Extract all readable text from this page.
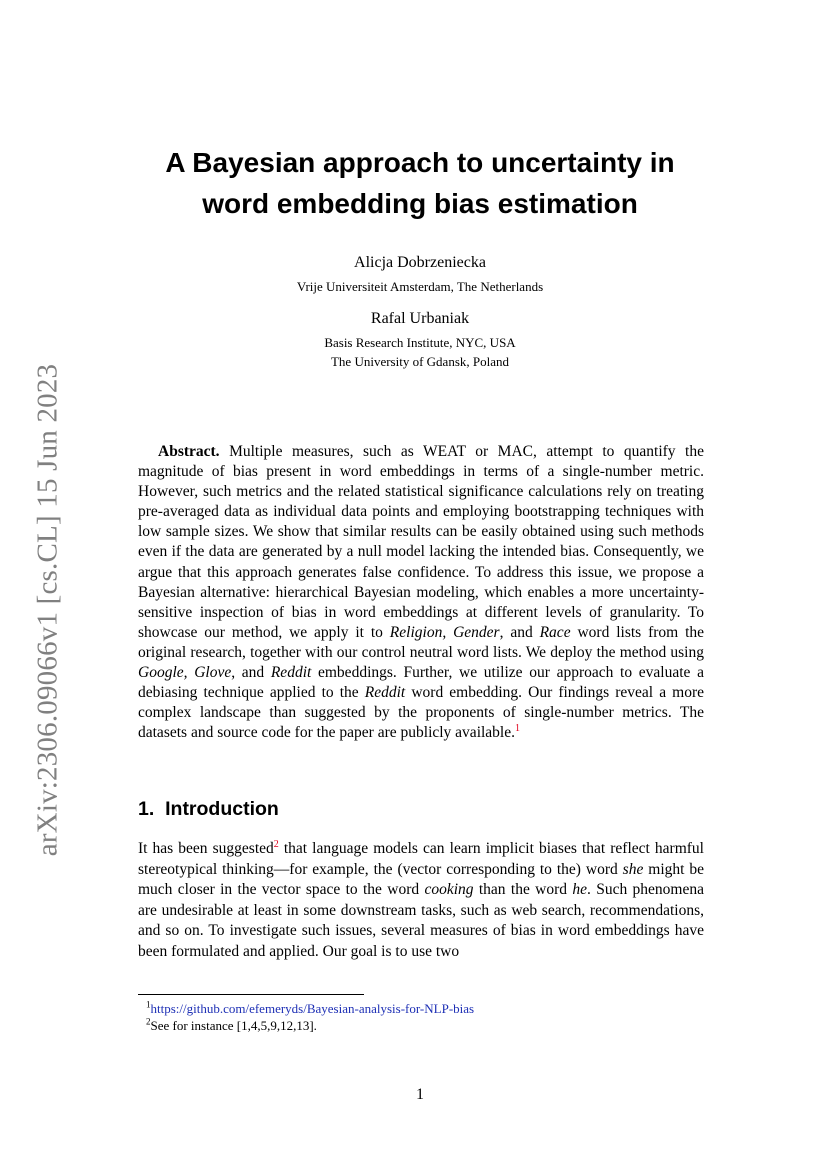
arXiv:2306.09066v1 [cs.CL] 15 Jun 2023
A Bayesian approach to uncertainty in
word embedding bias estimation
Alicja Dobrzeniecka
Vrije Universiteit Amsterdam, The Netherlands
Rafal Urbaniak
Basis Research Institute, NYC, USA
The University of Gdansk, Poland
Abstract. Multiple measures, such as WEAT or MAC, attempt to quantify the magnitude of bias present in word embeddings in terms of a single-number metric. However, such metrics and the related statistical significance calculations rely on treating pre-averaged data as individual data points and employing bootstrapping techniques with low sample sizes. We show that similar results can be easily obtained using such methods even if the data are generated by a null model lacking the intended bias. Consequently, we argue that this approach generates false confidence. To address this issue, we propose a Bayesian alternative: hierarchical Bayesian modeling, which enables a more uncertainty-sensitive inspection of bias in word embeddings at different levels of granularity. To showcase our method, we apply it to Religion, Gender, and Race word lists from the original research, together with our control neutral word lists. We deploy the method using Google, Glove, and Reddit embeddings. Further, we utilize our approach to evaluate a debiasing technique applied to the Reddit word embedding. Our findings reveal a more complex landscape than suggested by the proponents of single-number metrics. The datasets and source code for the paper are publicly available.$^1$
1. Introduction
It has been suggested$^2$ that language models can learn implicit biases that reflect harmful stereotypical thinking—for example, the (vector corresponding to the) word she might be much closer in the vector space to the word cooking than the word he. Such phenomena are undesirable at least in some downstream tasks, such as web search, recommendations, and so on. To investigate such issues, several measures of bias in word embeddings have been formulated and applied. Our goal is to use two
$^1$https://github.com/efemeryds/Bayesian-analysis-for-NLP-bias
$^2$See for instance [1,4,5,9,12,13].
1
